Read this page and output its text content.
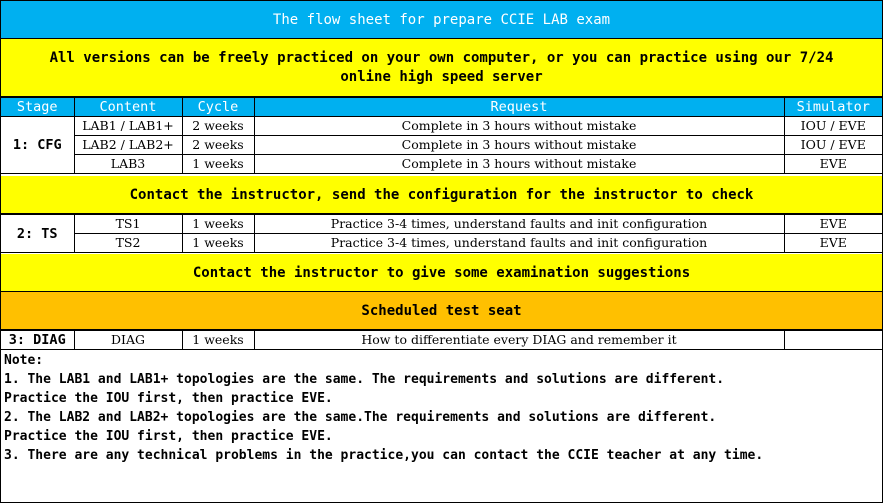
The flow sheet for prepare CCIE LAB exam
All versions can be freely practiced on your own computer, or you can practice using our 7/24 online high speed server
Stage	Content	Cycle	Request	Simulator
1: CFG	LAB1 / LAB1+	2 weeks	Complete in 3 hours without mistake	IOU / EVE
	LAB2 / LAB2+	2 weeks	Complete in 3 hours without mistake	IOU / EVE
	LAB3	1 weeks	Complete in 3 hours without mistake	EVE
Contact the instructor, send the configuration for the instructor to check
2: TS	TS1	1 weeks	Practice 3-4 times, understand faults and init configuration	EVE
	TS2	1 weeks	Practice 3-4 times, understand faults and init configuration	EVE
Contact the instructor to give some examination suggestions
Scheduled test seat
3: DIAG	DIAG	1 weeks	How to differentiate every DIAG and remember it	
Note:
1. The LAB1 and LAB1+ topologies are the same. The requirements and solutions are different.
Practice the IOU first, then practice EVE.
2. The LAB2 and LAB2+ topologies are the same.The requirements and solutions are different.
Practice the IOU first, then practice EVE.
3. There are any technical problems in the practice,you can contact the CCIE teacher at any time.
